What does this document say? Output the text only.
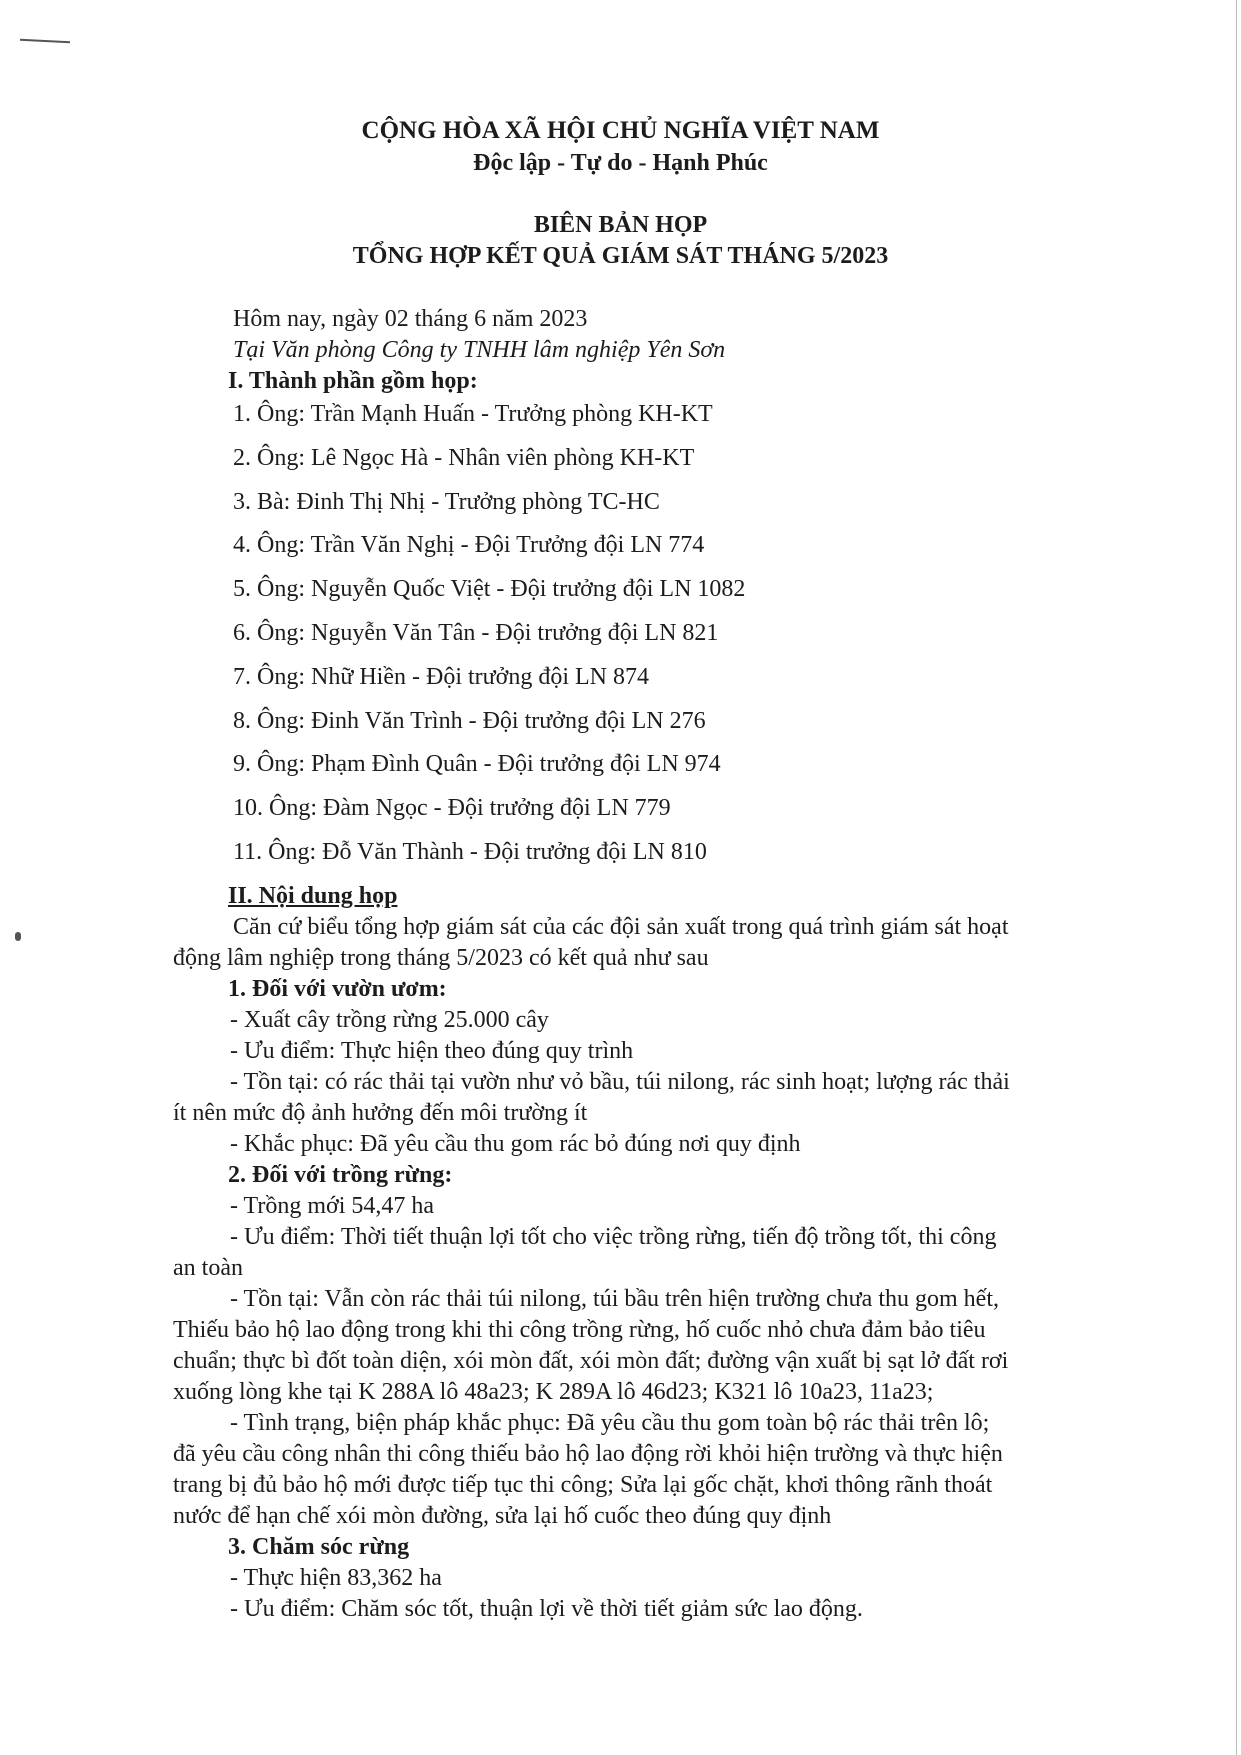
CỘNG HÒA XÃ HỘI CHỦ NGHĨA VIỆT NAM
Độc lập - Tự do - Hạnh Phúc
BIÊN BẢN HỌP
TỔNG HỢP KẾT QUẢ GIÁM SÁT THÁNG 5/2023
Hôm nay, ngày 02 tháng 6 năm 2023
Tại Văn phòng Công ty TNHH lâm nghiệp Yên Sơn
I. Thành phần gồm họp:
1. Ông: Trần Mạnh Huấn - Trưởng phòng KH-KT
2. Ông: Lê Ngọc Hà - Nhân viên phòng KH-KT
3. Bà: Đinh Thị Nhị - Trưởng phòng TC-HC
4. Ông: Trần Văn Nghị - Đội Trưởng đội LN 774
5. Ông: Nguyễn Quốc Việt - Đội trưởng đội LN 1082
6. Ông: Nguyễn Văn Tân - Đội trưởng đội LN 821
7. Ông: Nhữ Hiền - Đội trưởng đội LN 874
8. Ông: Đinh Văn Trình - Đội trưởng đội LN 276
9. Ông: Phạm Đình Quân - Đội trưởng đội LN 974
10. Ông: Đàm Ngọc - Đội trưởng đội LN 779
11. Ông: Đỗ Văn Thành - Đội trưởng đội LN 810
II. Nội dung họp
Căn cứ biểu tổng hợp giám sát của các đội sản xuất trong quá trình giám sát hoạt
động lâm nghiệp trong tháng 5/2023 có kết quả như sau
1. Đối với vườn ươm:
- Xuất cây trồng rừng 25.000 cây
- Ưu điểm: Thực hiện theo đúng quy trình
- Tồn tại: có rác thải tại vườn như vỏ bầu, túi nilong, rác sinh hoạt; lượng rác thải
ít nên mức độ ảnh hưởng đến môi trường ít
- Khắc phục: Đã yêu cầu thu gom rác bỏ đúng nơi quy định
2. Đối với trồng rừng:
- Trồng mới 54,47 ha
- Ưu điểm: Thời tiết thuận lợi tốt cho việc trồng rừng, tiến độ trồng tốt, thi công
an toàn
- Tồn tại: Vẫn còn rác thải túi nilong, túi bầu trên hiện trường chưa thu gom hết,
Thiếu bảo hộ lao động trong khi thi công trồng rừng, hố cuốc nhỏ chưa đảm bảo tiêu
chuẩn; thực bì đốt toàn diện, xói mòn đất, xói mòn đất; đường vận xuất bị sạt lở đất rơi
xuống lòng khe tại K 288A lô 48a23; K 289A lô 46d23; K321 lô 10a23, 11a23;
- Tình trạng, biện pháp khắc phục: Đã yêu cầu thu gom toàn bộ rác thải trên lô;
đã yêu cầu công nhân thi công thiếu bảo hộ lao động rời khỏi hiện trường và thực hiện
trang bị đủ bảo hộ mới được tiếp tục thi công; Sửa lại gốc chặt, khơi thông rãnh thoát
nước để hạn chế xói mòn đường, sửa lại hố cuốc theo đúng quy định
3. Chăm sóc rừng
- Thực hiện 83,362 ha
- Ưu điểm: Chăm sóc tốt, thuận lợi về thời tiết giảm sức lao động.
